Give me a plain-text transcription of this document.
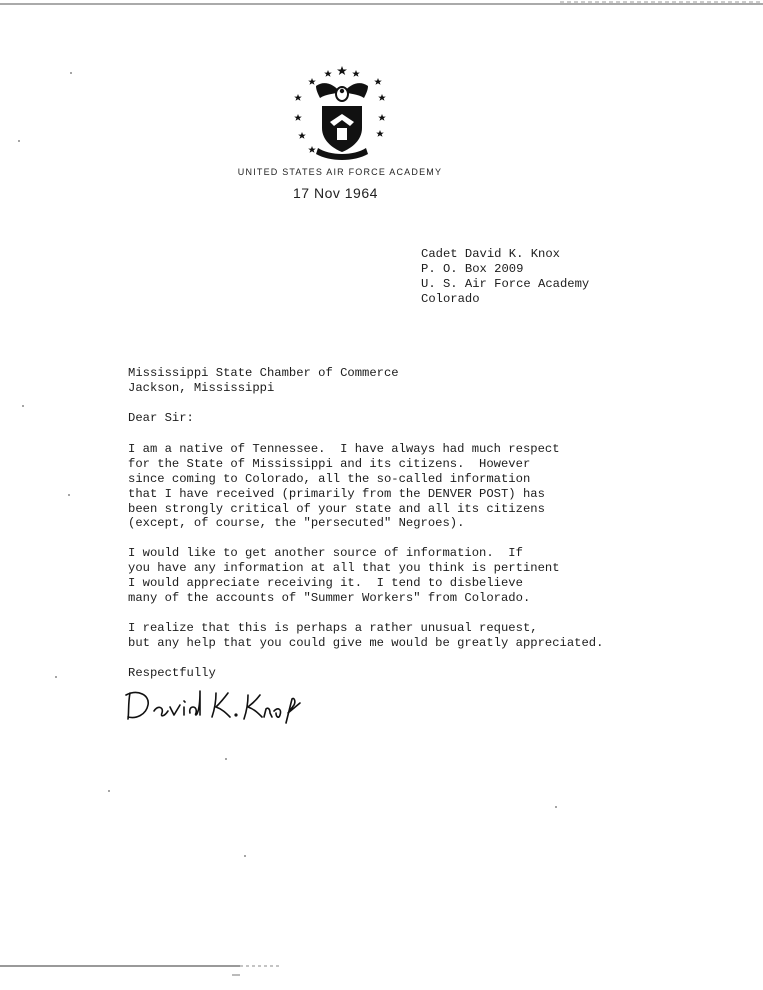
UNITED STATES AIR FORCE ACADEMY
17 Nov 1964
Cadet David K. Knox
P. O. Box 2009
U. S. Air Force Academy
Colorado
Mississippi State Chamber of Commerce
Jackson, Mississippi
Dear Sir:
I am a native of Tennessee.  I have always had much respect
for the State of Mississippi and its citizens.  However
since coming to Colorado, all the so-called information
that I have received (primarily from the DENVER POST) has
been strongly critical of your state and all its citizens
(except, of course, the "persecuted" Negroes).
I would like to get another source of information.  If
you have any information at all that you think is pertinent
I would appreciate receiving it.  I tend to disbelieve
many of the accounts of "Summer Workers" from Colorado.
I realize that this is perhaps a rather unusual request,
but any help that you could give me would be greatly appreciated.
Respectfully
